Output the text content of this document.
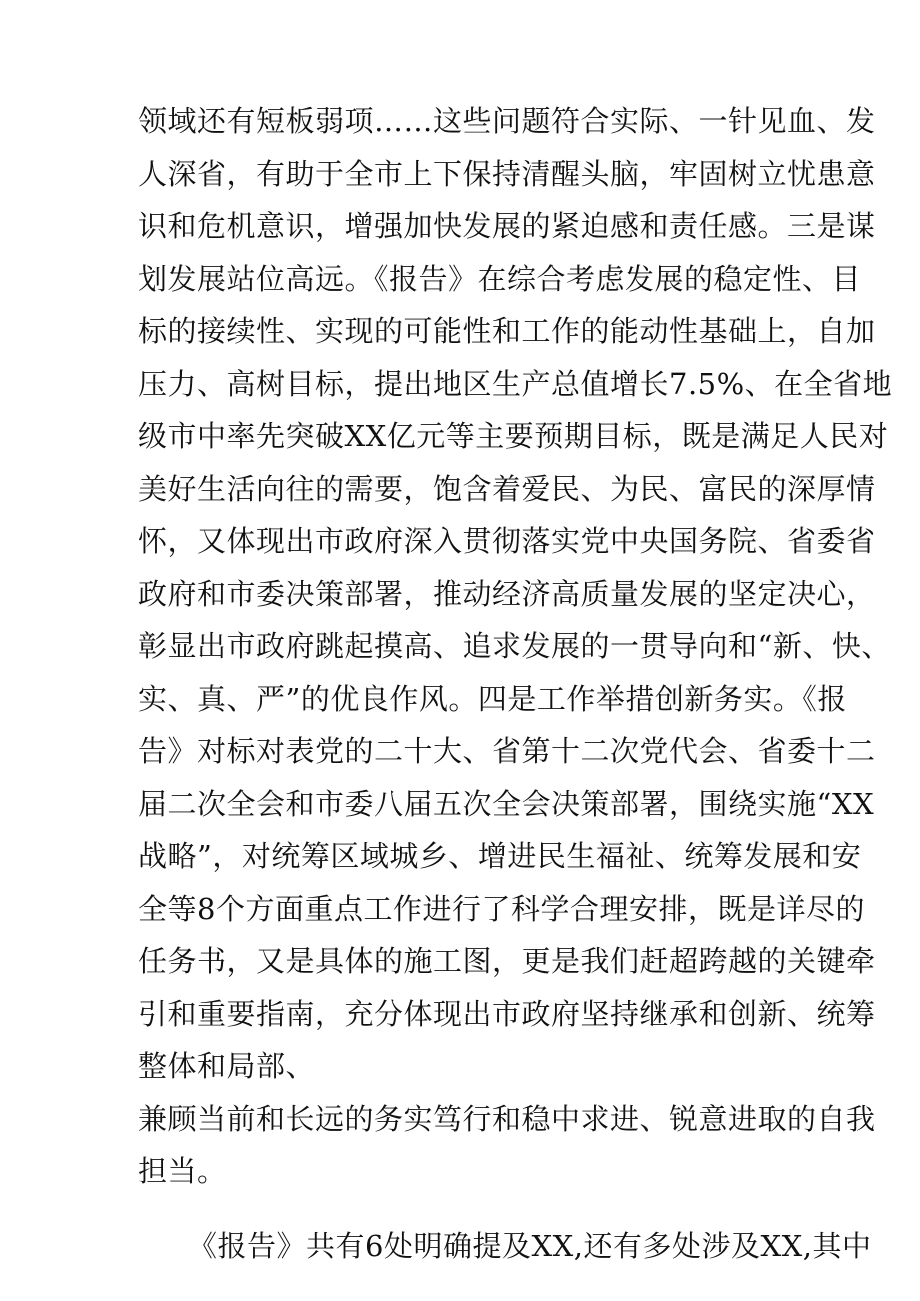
领域还有短板弱项……这些问题符合实际、一针见血、发
人深省，有助于全市上下保持清醒头脑，牢固树立忧患意
识和危机意识，增强加快发展的紧迫感和责任感。三是谋
划发展站位高远。《报告》在综合考虑发展的稳定性、目
标的接续性、实现的可能性和工作的能动性基础上，自加
压力、高树目标，提出地区生产总值增长7.5%、在全省地
级市中率先突破XX亿元等主要预期目标，既是满足人民对
美好生活向往的需要，饱含着爱民、为民、富民的深厚情
怀，又体现出市政府深入贯彻落实党中央国务院、省委省
政府和市委决策部署，推动经济高质量发展的坚定决心，
彰显出市政府跳起摸高、追求发展的一贯导向和“新、快、
实、真、严”的优良作风。四是工作举措创新务实。《报
告》对标对表党的二十大、省第十二次党代会、省委十二
届二次全会和市委八届五次全会决策部署，围绕实施“XX
战略”，对统筹区域城乡、增进民生福祉、统筹发展和安
全等8个方面重点工作进行了科学合理安排，既是详尽的
任务书，又是具体的施工图，更是我们赶超跨越的关键牵
引和重要指南，充分体现出市政府坚持继承和创新、统筹
整体和局部、
兼顾当前和长远的务实笃行和稳中求进、锐意进取的自我
担当。
《报告》共有6处明确提及XX,还有多处涉及XX,其中
